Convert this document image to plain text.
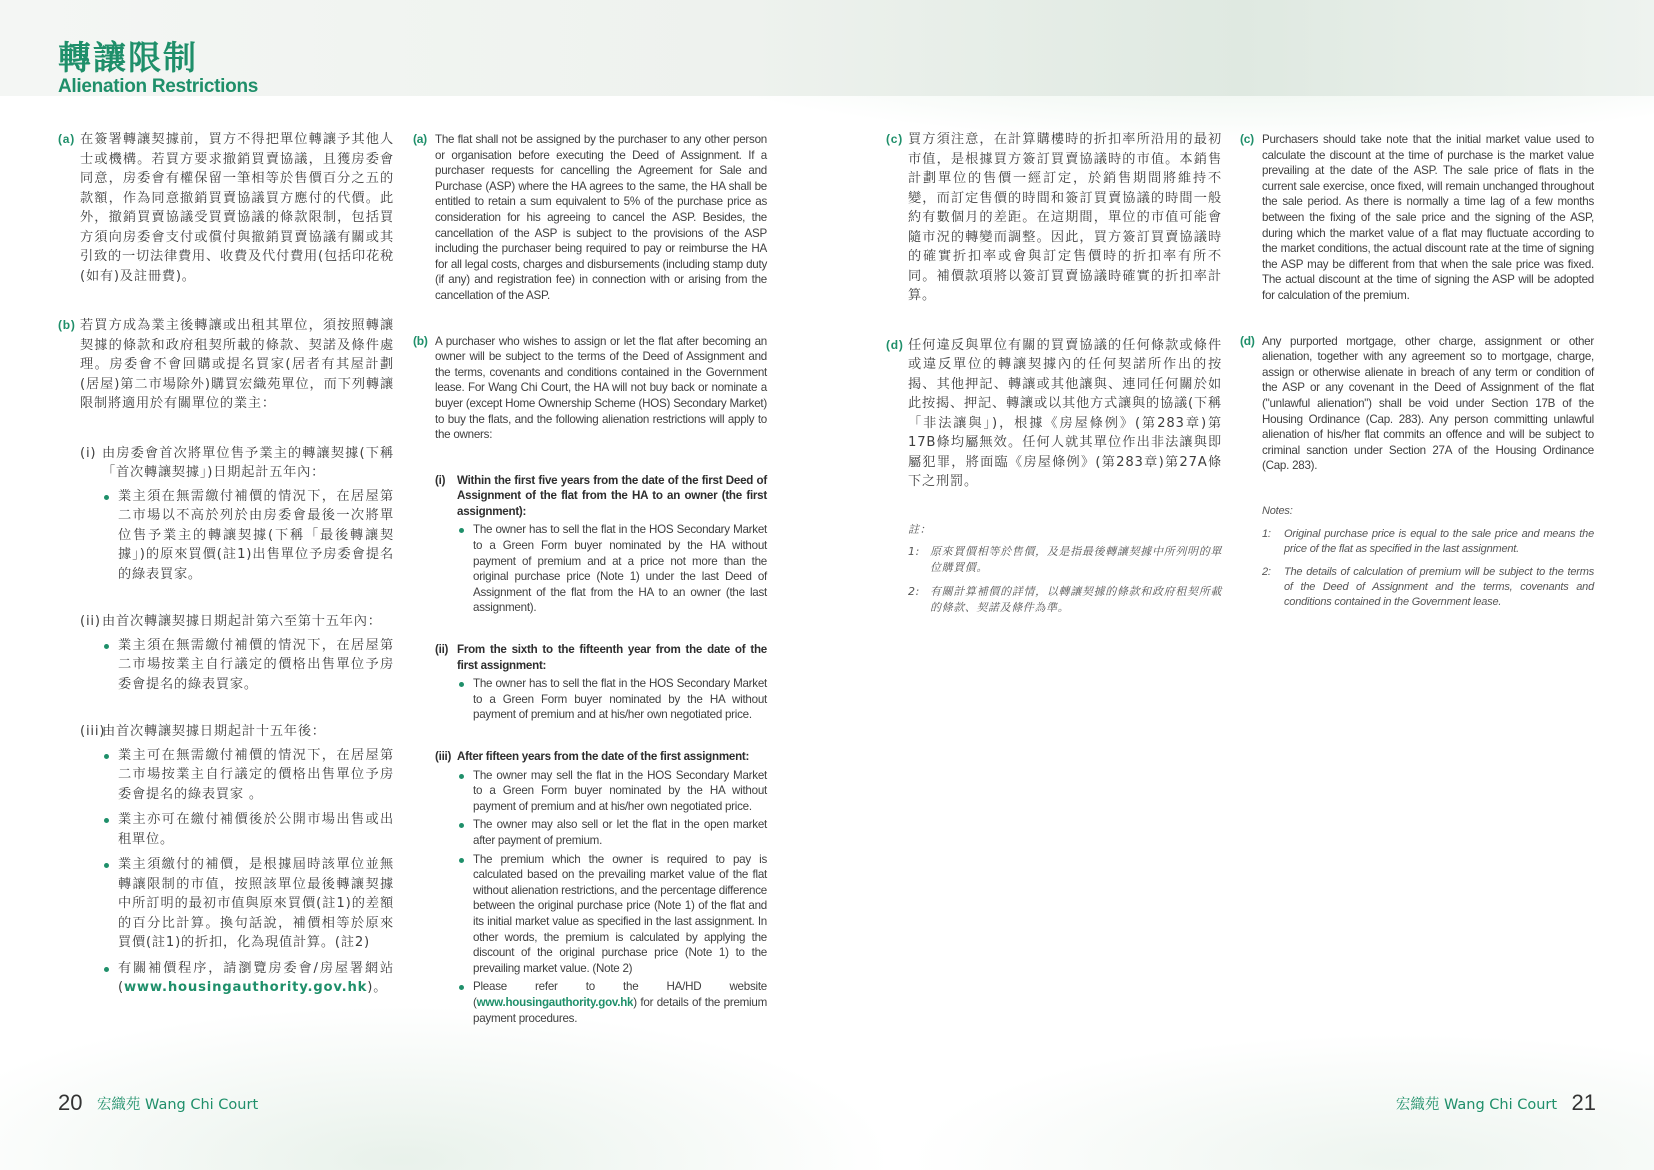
轉讓限制
Alienation Restrictions
(a) 在簽署轉讓契據前，買方不得把單位轉讓予其他人士或機構。若買方要求撤銷買賣協議，且獲房委會同意，房委會有權保留一筆相等於售價百分之五的款額，作為同意撤銷買賣協議買方應付的代價。此外，撤銷買賣協議受買賣協議的條款限制，包括買方須向房委會支付或償付與撤銷買賣協議有關或其引致的一切法律費用、收費及代付費用(包括印花稅(如有)及註冊費)。
(b) 若買方成為業主後轉讓或出租其單位，須按照轉讓契據的條款和政府租契所載的條款、契諾及條件處理。房委會不會回購或提名買家(居者有其屋計劃(居屋)第二市場除外)購買宏織苑單位，而下列轉讓限制將適用於有關單位的業主：
(i) 由房委會首次將單位售予業主的轉讓契據(下稱「首次轉讓契據」)日期起計五年內：
業主須在無需繳付補價的情況下，在居屋第二市場以不高於列於由房委會最後一次將單位售予業主的轉讓契據(下稱「最後轉讓契據」)的原來買價(註1)出售單位予房委會提名的綠表買家。
(ii) 由首次轉讓契據日期起計第六至第十五年內：
業主須在無需繳付補價的情況下，在居屋第二市場按業主自行議定的價格出售單位予房委會提名的綠表買家。
(iii)
由首次轉讓契據日期起計十五年後：
業主可在無需繳付補價的情況下，在居屋第二市場按業主自行議定的價格出售單位予房委會提名的綠表買家 。
業主亦可在繳付補價後於公開市場出售或出租單位。
業主須繳付的補價，是根據屆時該單位並無轉讓限制的市值，按照該單位最後轉讓契據中所訂明的最初市值與原來買價(註1)的差額的百分比計算。換句話說，補價相等於原來買價(註1)的折扣，化為現值計算。(註2)
有關補價程序，請瀏覽房委會/房屋署網站(www.housingauthority.gov.hk)。
(a) The flat shall not be assigned by the purchaser to any other person or organisation before executing the Deed of Assignment. If a purchaser requests for cancelling the Agreement for Sale and Purchase (ASP) where the HA agrees to the same, the HA shall be entitled to retain a sum equivalent to 5% of the purchase price as consideration for his agreeing to cancel the ASP. Besides, the cancellation of the ASP is subject to the provisions of the ASP including the purchaser being required to pay or reimburse the HA for all legal costs, charges and disbursements (including stamp duty (if any) and registration fee) in connection with or arising from the cancellation of the ASP.
(b) A purchaser who wishes to assign or let the flat after becoming an owner will be subject to the terms of the Deed of Assignment and the terms, covenants and conditions contained in the Government lease. For Wang Chi Court, the HA will not buy back or nominate a buyer (except Home Ownership Scheme (HOS) Secondary Market) to buy the flats, and the following alienation restrictions will apply to the owners:
(i) Within the first five years from the date of the first Deed of Assignment of the flat from the HA to an owner (the first assignment):
The owner has to sell the flat in the HOS Secondary Market to a Green Form buyer nominated by the HA without payment of premium and at a price not more than the original purchase price (Note 1) under the last Deed of Assignment of the flat from the HA to an owner (the last assignment).
(ii) From the sixth to the fifteenth year from the date of the first assignment:
The owner has to sell the flat in the HOS Secondary Market to a Green Form buyer nominated by the HA without payment of premium and at his/her own negotiated price.
(iii) After fifteen years from the date of the first assignment:
The owner may sell the flat in the HOS Secondary Market to a Green Form buyer nominated by the HA without payment of premium and at his/her own negotiated price.
The owner may also sell or let the flat in the open market after payment of premium.
The premium which the owner is required to pay is calculated based on the prevailing market value of the flat without alienation restrictions, and the percentage difference between the original purchase price (Note 1) of the flat and its initial market value as specified in the last assignment. In other words, the premium is calculated by applying the discount of the original purchase price (Note 1) to the prevailing market value. (Note 2)
Please refer to the HA/HD website (www.housingauthority.gov.hk) for details of the premium payment procedures.
(c) 買方須注意，在計算購樓時的折扣率所沿用的最初市值，是根據買方簽訂買賣協議時的市值。本銷售計劃單位的售價一經訂定，於銷售期間將維持不變，而訂定售價的時間和簽訂買賣協議的時間一般約有數個月的差距。在這期間，單位的市值可能會隨市況的轉變而調整。因此，買方簽訂買賣協議時的確實折扣率或會與訂定售價時的折扣率有所不同。補價款項將以簽訂買賣協議時確實的折扣率計算。
(d) 任何違反與單位有關的買賣協議的任何條款或條件或違反單位的轉讓契據內的任何契諾所作出的按揭、其他押記、轉讓或其他讓與、連同任何關於如此按揭、押記、轉讓或以其他方式讓與的協議(下稱「非法讓與」)，根據《房屋條例》(第283章)第17B條均屬無效。任何人就其單位作出非法讓與即屬犯罪，將面臨《房屋條例》(第283章)第27A條下之刑罰。
註：
1: 原來買價相等於售價，及是指最後轉讓契據中所列明的單位購買價。
2: 有關計算補價的詳情，以轉讓契據的條款和政府租契所載的條款、契諾及條件為準。
(c) Purchasers should take note that the initial market value used to calculate the discount at the time of purchase is the market value prevailing at the date of the ASP. The sale price of flats in the current sale exercise, once fixed, will remain unchanged throughout the sale period. As there is normally a time lag of a few months between the fixing of the sale price and the signing of the ASP, during which the market value of a flat may fluctuate according to the market conditions, the actual discount rate at the time of signing the ASP may be different from that when the sale price was fixed. The actual discount at the time of signing the ASP will be adopted for calculation of the premium.
(d) Any purported mortgage, other charge, assignment or other alienation, together with any agreement so to mortgage, charge, assign or otherwise alienate in breach of any term or condition of the ASP or any covenant in the Deed of Assignment of the flat ("unlawful alienation") shall be void under Section 17B of the Housing Ordinance (Cap. 283). Any person committing unlawful alienation of his/her flat commits an offence and will be subject to criminal sanction under Section 27A of the Housing Ordinance (Cap. 283).
Notes:
1: Original purchase price is equal to the sale price and means the price of the flat as specified in the last assignment.
2: The details of calculation of premium will be subject to the terms of the Deed of Assignment and the terms, covenants and conditions contained in the Government lease.
20 宏織苑 Wang Chi Court	宏織苑 Wang Chi Court 21
